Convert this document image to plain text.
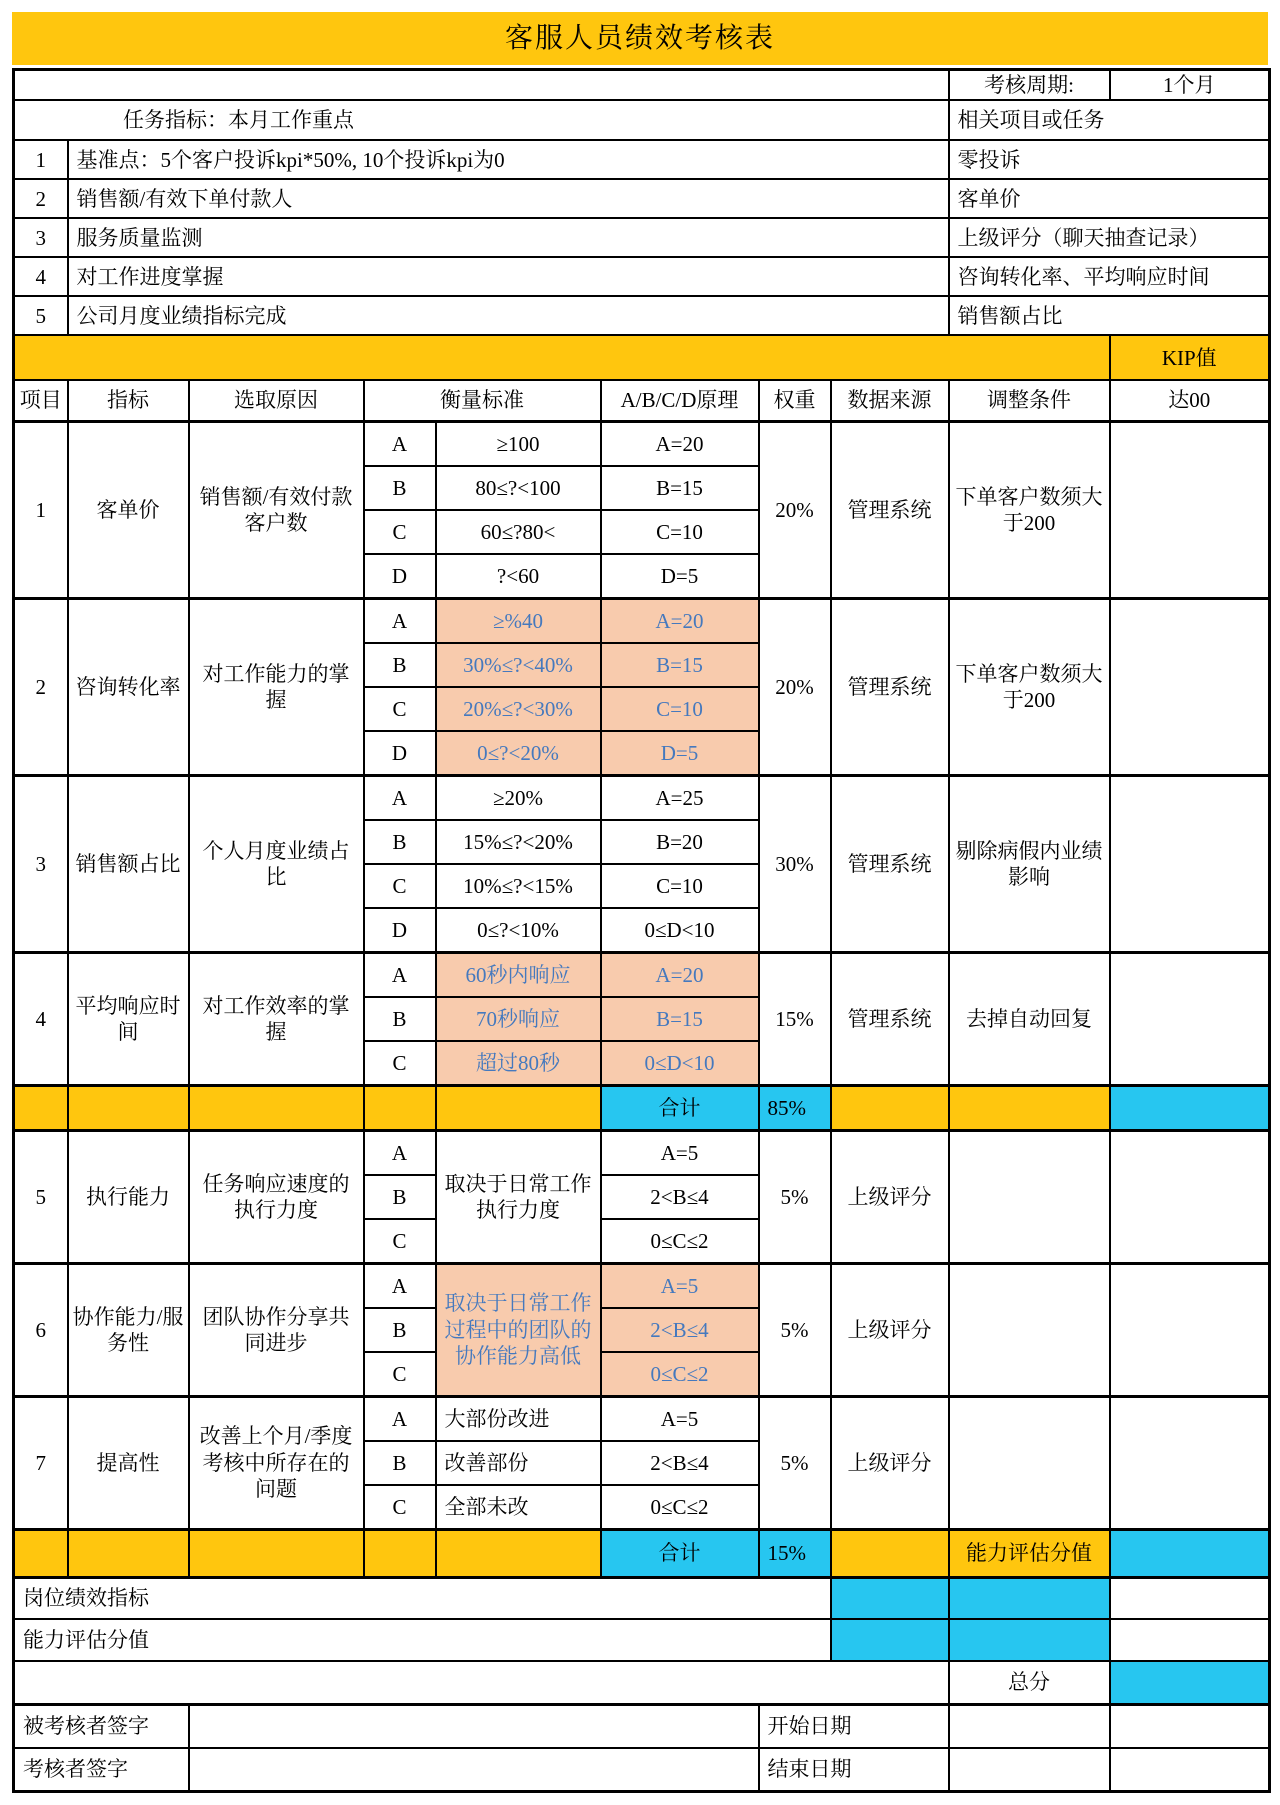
客服人员绩效考核表
								考核周期:	1个月
任务指标：本月工作重点								相关项目或任务	
1	基准点：5个客户投诉kpi*50%, 10个投诉kpi为0							零投诉	
2	销售额/有效下单付款人							客单价	
3	服务质量监测							上级评分（聊天抽查记录）	
4	对工作进度掌握							咨询转化率、平均响应时间	
5	公司月度业绩指标完成							销售额占比	
									KIP值
项目	指标	选取原因	衡量标准		A/B/C/D原理	权重	数据来源	调整条件	达00
1	客单价	销售额/有效付款客户数	A	≥100	A=20	20%	管理系统	下单客户数须大于200	
			B	80≤?<100	B=15				
			C	60≤?80<	C=10				
			D	?<60	D=5				
2	咨询转化率	对工作能力的掌握	A	≥%40	A=20	20%	管理系统	下单客户数须大于200	
			B	30%≤?<40%	B=15				
			C	20%≤?<30%	C=10				
			D	0≤?<20%	D=5				
3	销售额占比	个人月度业绩占比	A	≥20%	A=25	30%	管理系统	剔除病假内业绩影响	
			B	15%≤?<20%	B=20				
			C	10%≤?<15%	C=10				
			D	0≤?<10%	0≤D<10				
4	平均响应时间	对工作效率的掌握	A	60秒内响应	A=20	15%	管理系统	去掉自动回复	
			B	70秒响应	B=15				
			C	超过80秒	0≤D<10				
					合计	85%			
5	执行能力	任务响应速度的执行力度	A	取决于日常工作执行力度	A=5	5%	上级评分		
			B		2<B≤4				
			C		0≤C≤2				
6	协作能力/服务性	团队协作分享共同进步	A	取决于日常工作过程中的团队的协作能力高低	A=5	5%	上级评分		
			B		2<B≤4				
			C		0≤C≤2				
7	提高性	改善上个月/季度考核中所存在的问题	A	大部份改进	A=5	5%	上级评分		
			B	改善部份	2<B≤4				
			C	全部未改	0≤C≤2				
					合计	15%		能力评估分值	
岗位绩效指标									
能力评估分值									
								总分	
被考核者签字						开始日期			
考核者签字						结束日期			
